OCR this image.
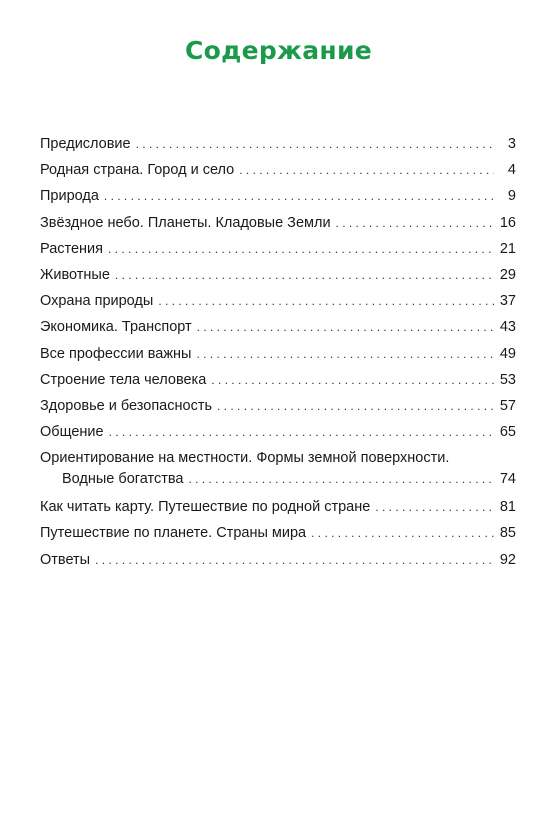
Содержание
Предисловие . . .	3
Родная страна. Город и село . . .	4
Природа . . .	9
Звёздное небо. Планеты. Кладовые Земли . . .	16
Растения . . .	21
Животные . . .	29
Охрана природы . . .	37
Экономика. Транспорт . . .	43
Все профессии важны . . .	49
Строение тела человека . . .	53
Здоровье и безопасность . . .	57
Общение . . .	65
Ориентирование на местности. Формы земной поверхности.
Водные богатства . . .	74
Как читать карту. Путешествие по родной стране . . .	81
Путешествие по планете. Страны мира . . .	85
Ответы . . .	92
